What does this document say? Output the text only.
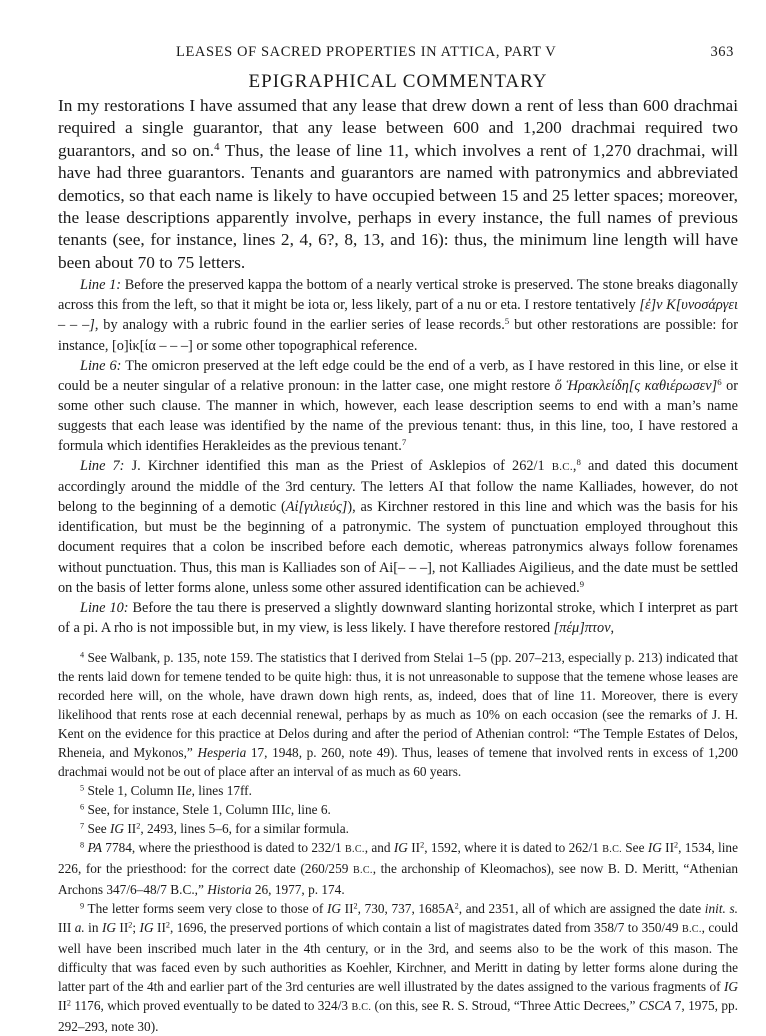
LEASES OF SACRED PROPERTIES IN ATTICA, PART V	363
EPIGRAPHICAL COMMENTARY

In my restorations I have assumed that any lease that drew down a rent of less than 600 drachmai required a single guarantor, that any lease between 600 and 1,200 drachmai required two guarantors, and so on.$^4$ Thus, the lease of line 11, which involves a rent of 1,270 drachmai, will have had three guarantors. Tenants and guarantors are named with patronymics and abbreviated demotics, so that each name is likely to have occupied between 15 and 25 letter spaces; moreover, the lease descriptions apparently involve, perhaps in every instance, the full names of previous tenants (see, for instance, lines 2, 4, 6?, 8, 13, and 16): thus, the minimum line length will have been about 70 to 75 letters.

Line 1: Before the preserved kappa the bottom of a nearly vertical stroke is preserved. The stone breaks diagonally across this from the left, so that it might be iota or, less likely, part of a nu or eta. I restore tentatively [ἐ]ν Κ[υνοσάργει – – –], by analogy with a rubric found in the earlier series of lease records.$^5$ but other restorations are possible: for instance, [ο]ἰκ[ία – – –] or some other topographical reference.

Line 6: The omicron preserved at the left edge could be the end of a verb, as I have restored in this line, or else it could be a neuter singular of a relative pronoun: in the latter case, one might restore ὅ Ἡρακλείδη[ς καθιέρωσεν]$^6$ or some other such clause. The manner in which, however, each lease description seems to end with a man’s name suggests that each lease was identified by the name of the previous tenant: thus, in this line, too, I have restored a formula which identifies Herakleides as the previous tenant.$^7$

Line 7: J. Kirchner identified this man as the Priest of Asklepios of 262/1 B.C.,$^8$ and dated this document accordingly around the middle of the 3rd century. The letters AI that follow the name Kalliades, however, do not belong to the beginning of a demotic (Αἰ[γιλιεύς]), as Kirchner restored in this line and which was the basis for his identification, but must be the beginning of a patronymic. The system of punctuation employed throughout this document requires that a colon be inscribed before each demotic, whereas patronymics always follow forenames without punctuation. Thus, this man is Kalliades son of Ai[– – –], not Kalliades Aigilieus, and the date must be settled on the basis of letter forms alone, unless some other assured identification can be achieved.$^9$

Line 10: Before the tau there is preserved a slightly downward slanting horizontal stroke, which I interpret as part of a pi. A rho is not impossible but, in my view, is less likely. I have therefore restored [πέμ]πτον,

$^4$ See Walbank, p. 135, note 159. The statistics that I derived from Stelai 1–5 (pp. 207–213, especially p. 213) indicated that the rents laid down for temene tended to be quite high: thus, it is not unreasonable to suppose that the temene whose leases are recorded here will, on the whole, have drawn down high rents, as, indeed, does that of line 11. Moreover, there is every likelihood that rents rose at each decennial renewal, perhaps by as much as 10% on each occasion (see the remarks of J. H. Kent on the evidence for this practice at Delos during and after the period of Athenian control: “The Temple Estates of Delos, Rheneia, and Mykonos,” Hesperia 17, 1948, p. 260, note 49). Thus, leases of temene that involved rents in excess of 1,200 drachmai would not be out of place after an interval of as much as 60 years.

$^5$ Stele 1, Column IIe, lines 17ff.

$^6$ See, for instance, Stele 1, Column IIIc, line 6.

$^7$ See IG $II^2$, 2493, lines 5–6, for a similar formula.

$^8$ PA 7784, where the priesthood is dated to 232/1 B.C., and IG $II^2$, 1592, where it is dated to 262/1 B.C. See IG $II^2$, 1534, line 226, for the priesthood: for the correct date (260/259 B.C., the archonship of Kleomachos), see now B. D. Meritt, “Athenian Archons 347/6–48/7 B.C.,” Historia 26, 1977, p. 174.

$^9$ The letter forms seem very close to those of IG $II^2$, 730, 737, $1685A^2$, and 2351, all of which are assigned the date init. s. III a. in IG $II^2$; IG $II^2$, 1696, the preserved portions of which contain a list of magistrates dated from 358/7 to 350/49 B.C., could well have been inscribed much later in the 4th century, or in the 3rd, and seems also to be the work of this mason. The difficulty that was faced even by such authorities as Koehler, Kirchner, and Meritt in dating by letter forms alone during the latter part of the 4th and earlier part of the 3rd centuries are well illustrated by the dates assigned to the various fragments of IG $II^2$ 1176, which proved eventually to be dated to 324/3 B.C. (on this, see R. S. Stroud, “Three Attic Decrees,” CSCA 7, 1975, pp. 292–293, note 30).
